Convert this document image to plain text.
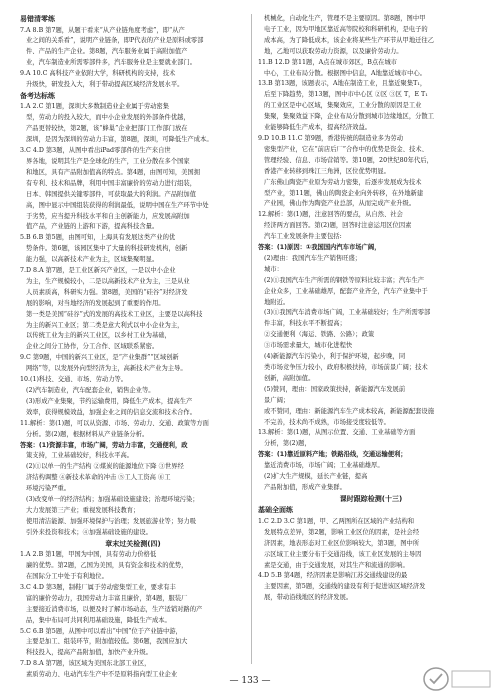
易错清零练
7.A 8.B 第7题，从题干看来“从产业链角度考虑”，即“从产
业之间的关系看”，说明产业链条，即P代表的产业是原料或零部
件、产品的生产企业。第8题，汽车服务业属于高附加值产
业，汽车制造业所需零部件多，汽车服务业是主要就业部门。
9.A 10.C 高科技产业依附大学，科研机构的支持，技术
升级快，研发投入大，利于带动提高区域经济发展水平。
备考达标练
1.A 2.C 第1题，深圳大多数制造业企业属于劳动密集
型，劳动力的投入较大，而中小企业发展的外部条件优越，
产品更替较快，第2题，该“蜂巢”企业把部门工作部门放在
深圳，是因为深圳的劳动力丰富，第8题，深圳，可降低生产成本。
3.C 4.D 第3题，从图中看出iPad零部件的生产来自世
界各地，说明其生产是全球化的生产，工业分散在多个国家
和地区，具有产品附加值高的特点。第4题，由图可知，美国拥
有专利、技术和品牌，利用中国丰富廉价的劳动力进行组装，
日本、韩国提供关键零部件，可获取最大的利润。产品附加值
高，图中显示中国组装获得的利润最低，说明中国在生产环节中处
于劣势，应当提升科技水平和自主创新能力，应发展高附加
值产品，产业链的上游和下游，提高科技含量。
5.B 6.B 第5题，由图可知，上海具有发展这类产业的优
势条件。第6题，该园区集中了大量的科技研发机构，创新
能力强，以高新技术产业为主，区域集聚明显。
7.D 8.A 第7题，是工业区新兴产业区，一是以中小企业
为主，生产规模较小，二是以高新技术产业为主，三是从业
人员素质高，科研实力强。第8题，美国的“硅谷”对经济发
展的影响，对当地经济的发展起到了重要的作用。
第一类是美国“硅谷”式的发展的高技术工业区，主要是以高科技
为主的新兴工业区；第二类是意大利式以中小企业为主，
以传统工业为主的新兴工业区，以乡村工业为基础，
企业之间分工协作，分工合作、区域联系紧密。
9.C 第9题，中国的新兴工业区，是“产业集群”“区域创新
网络”等，以发展外向型经济为主，高新技术产业为主导。
10.(1)科技、交通、市场、劳动力等。
(2)汽车制造业，汽车配套企业，销售企业等。
(3)形成产业集聚，节约运输费用，降低生产成本，提高生产
效率，获得规模效益，加强企业之间的信息交流和技术合作。
11.解析：第(1)题，可以从资源、市场、劳动力、交通、政策等方面
分析。第(2)题，根据材料从产业链条分析。
答案：(1)资源丰富，市场广阔，劳动力丰富，交通便利，政
策支持，工业基础较好，科技水平高。
(2)①以单一的生产结构 ②煤炭的能源地位下降 ③世界经
济结构调整 ④新技术革命的冲击 ⑤工人工资高 ⑥工
环境污染严重。
(3)改变单一的经济结构；加强基础设施建设；治理环境污染；
大力发展第三产业；重视发展科技教育；
使用清洁能源、加强环境保护与治理；发展旅游业等；努力吸
引外来投资和技术；④加强基础设施的建设。
章末过关检测(四)
1.A 2.B 第1题，甲国为中国，具有劳动力价格低
廉的优势。第2题，乙国为美国，具有资金和技术的优势，
在国际分工中处于有利地位。
3.C 4.D 第3题，制鞋厂属于劳动密集型工业，要求有丰
富的廉价劳动力，我国劳动力丰富且廉价，第4题，服装厂
主要接近消费市场，以便及时了解市场动态，生产适销对路的产
品，集中布局可共同利用基础设施，降低生产成本。
5.C 6.B 第5题，从图中可以看出“中国”位于产业链中游，
主要是加工、组装环节，附加值较低。第6题，我国应加大
科技投入，提高产品附加值，加快产业升级。
7.D 8.A 第7题，该区域为美国东北部工业区，
素质劳动力、电动汽车生产中不是原料指向型工业企业
机械化，自动化生产，管理不是主要原因。第8题，图中甲
电子工业，因为甲地区靠近高等院校和科研机构，是电子的
成本高，为了降低成本，该企业将某些生产环节从甲地迁往乙
地，乙地可以获取劳动力资源，以及廉价劳动力。
11.B 12.D 第11题，A点在城市郊区，B点在城市
中心，工业布局分散。根据图中信息，A地靠近城市中心。
13.B 第13题，该题表示，A地在制造工业，且靠近聚集T₁，
后至下降趋势，第13题，图中市中心区 ②区 ③区 T，E T₁
的工业区是中心区域，集聚效应，工业分散的原因是工业
集聚，集聚效益下降，企业布局分散到城市边缘地区，分散工
业能够降低生产成本，提高经济效益。
9.D 10.B 11.C 第9题，香港传统的制造业多为劳动
密集型产业，它在“前店后厂”合作中的优势是资金、技术、
管理经验、信息、市场营销等。第10题，20世纪80年代后，
香港产业转移到珠江三角洲，区位优势明显。
广东佛山陶瓷产业原为劳动力密集，后逐步发展成为技术
型产业，第11题，佛山的陶瓷企业向外转移，在外地新建
产业园，佛山作为陶瓷产业总部，从而完成产业升级。
12.解析：第(1)题，注意回答的要点，从自然、社会
经济两方面回答。第(2)题，回答时注意运用区位因素
汽车工业发展条件主要包括:
答案：(1)原因：①我国国内汽车市场广阔，
(2)理由：我国汽车生产销售旺盛；
城市：
(2)①我国汽车生产所需的钢铁等原料比较丰富；汽车生产
企业众多，工业基础雄厚，配套产业齐全，汽车产业集中于
地附近。
(3)①我国汽车消费市场广阔，工业基础较好；生产所需零部
件丰富，科技水平不断提高；
②交通便利（海运、铁路、公路）；政策
③市场需求量大，城市化进程快
(4)新能源汽车污染小，利于保护环境，起步晚，同
类市场竞争压力较小，政府积极扶持，市场前景广阔；技术
创新，高附加值。
(5)赞同，理由：国家政策扶持，新能源汽车发展前
景广阔；
或不赞同，理由：新能源汽车生产成本较高，新能源配套设施
不完善，技术尚不成熟，市场接受度较低等。
13.解析：第(1)题，从图示位置、交通、工业基础等方面
分析，第(2)题，
答案：(1)靠近原料产地；铁路沿线，交通运输便利；
靠近消费市场，市场广阔；工业基础雄厚。
(2)扩大生产规模，延长产业链，提高
产品附加值，形成产业集群。
课时跟踪检测(十三)
基础全面练
1.C 2.D 3.C 第1题，甲、乙两图所在区域的产业结构和
发展特点差异，第2题，影响工业区位的因素，是社会经
济因素，地表形态对工业区位影响较大，第3题，图中所
示区域工业主要分布于交通沿线，该工业区发展的主导因
素是交通，由于交通发展，对其生产和流通的影响。
4.D 5.B 第4题，经济因素是影响江苏交通线建设的最
主要因素，第5题，交通线的建设有利于促进该区域经济发
展，带动沿线地区的经济发展。
— 133 —
